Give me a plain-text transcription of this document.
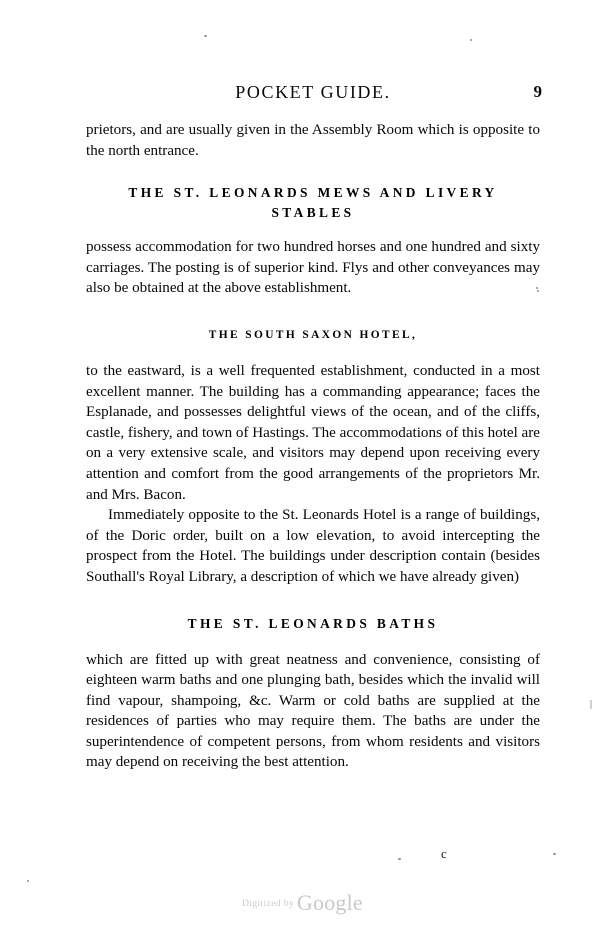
POCKET GUIDE.	9

prietors, and are usually given in the Assembly Room which is opposite to the north entrance.

THE ST. LEONARDS MEWS AND LIVERY
STABLES

possess accommodation for two hundred horses and one hundred and sixty carriages. The posting is of superior kind. Flys and other conveyances may also be obtained at the above establishment.

THE SOUTH SAXON HOTEL,

to the eastward, is a well frequented establishment, conducted in a most excellent manner. The building has a commanding appearance; faces the Esplanade, and possesses delightful views of the ocean, and of the cliffs, castle, fishery, and town of Hastings. The accommodations of this hotel are on a very extensive scale, and visitors may depend upon receiving every attention and comfort from the good arrangements of the proprietors Mr. and Mrs. Bacon.

Immediately opposite to the St. Leonards Hotel is a range of buildings, of the Doric order, built on a low elevation, to avoid intercepting the prospect from the Hotel. The buildings under description contain (besides Southall's Royal Library, a description of which we have already given)

THE ST. LEONARDS BATHS

which are fitted up with great neatness and convenience, consisting of eighteen warm baths and one plunging bath, besides which the invalid will find vapour, shampoing, &c. Warm or cold baths are supplied at the residences of parties who may require them. The baths are under the superintendence of competent persons, from whom residents and visitors may depend on receiving the best attention.

c
$^{Digitized by}$ Google
